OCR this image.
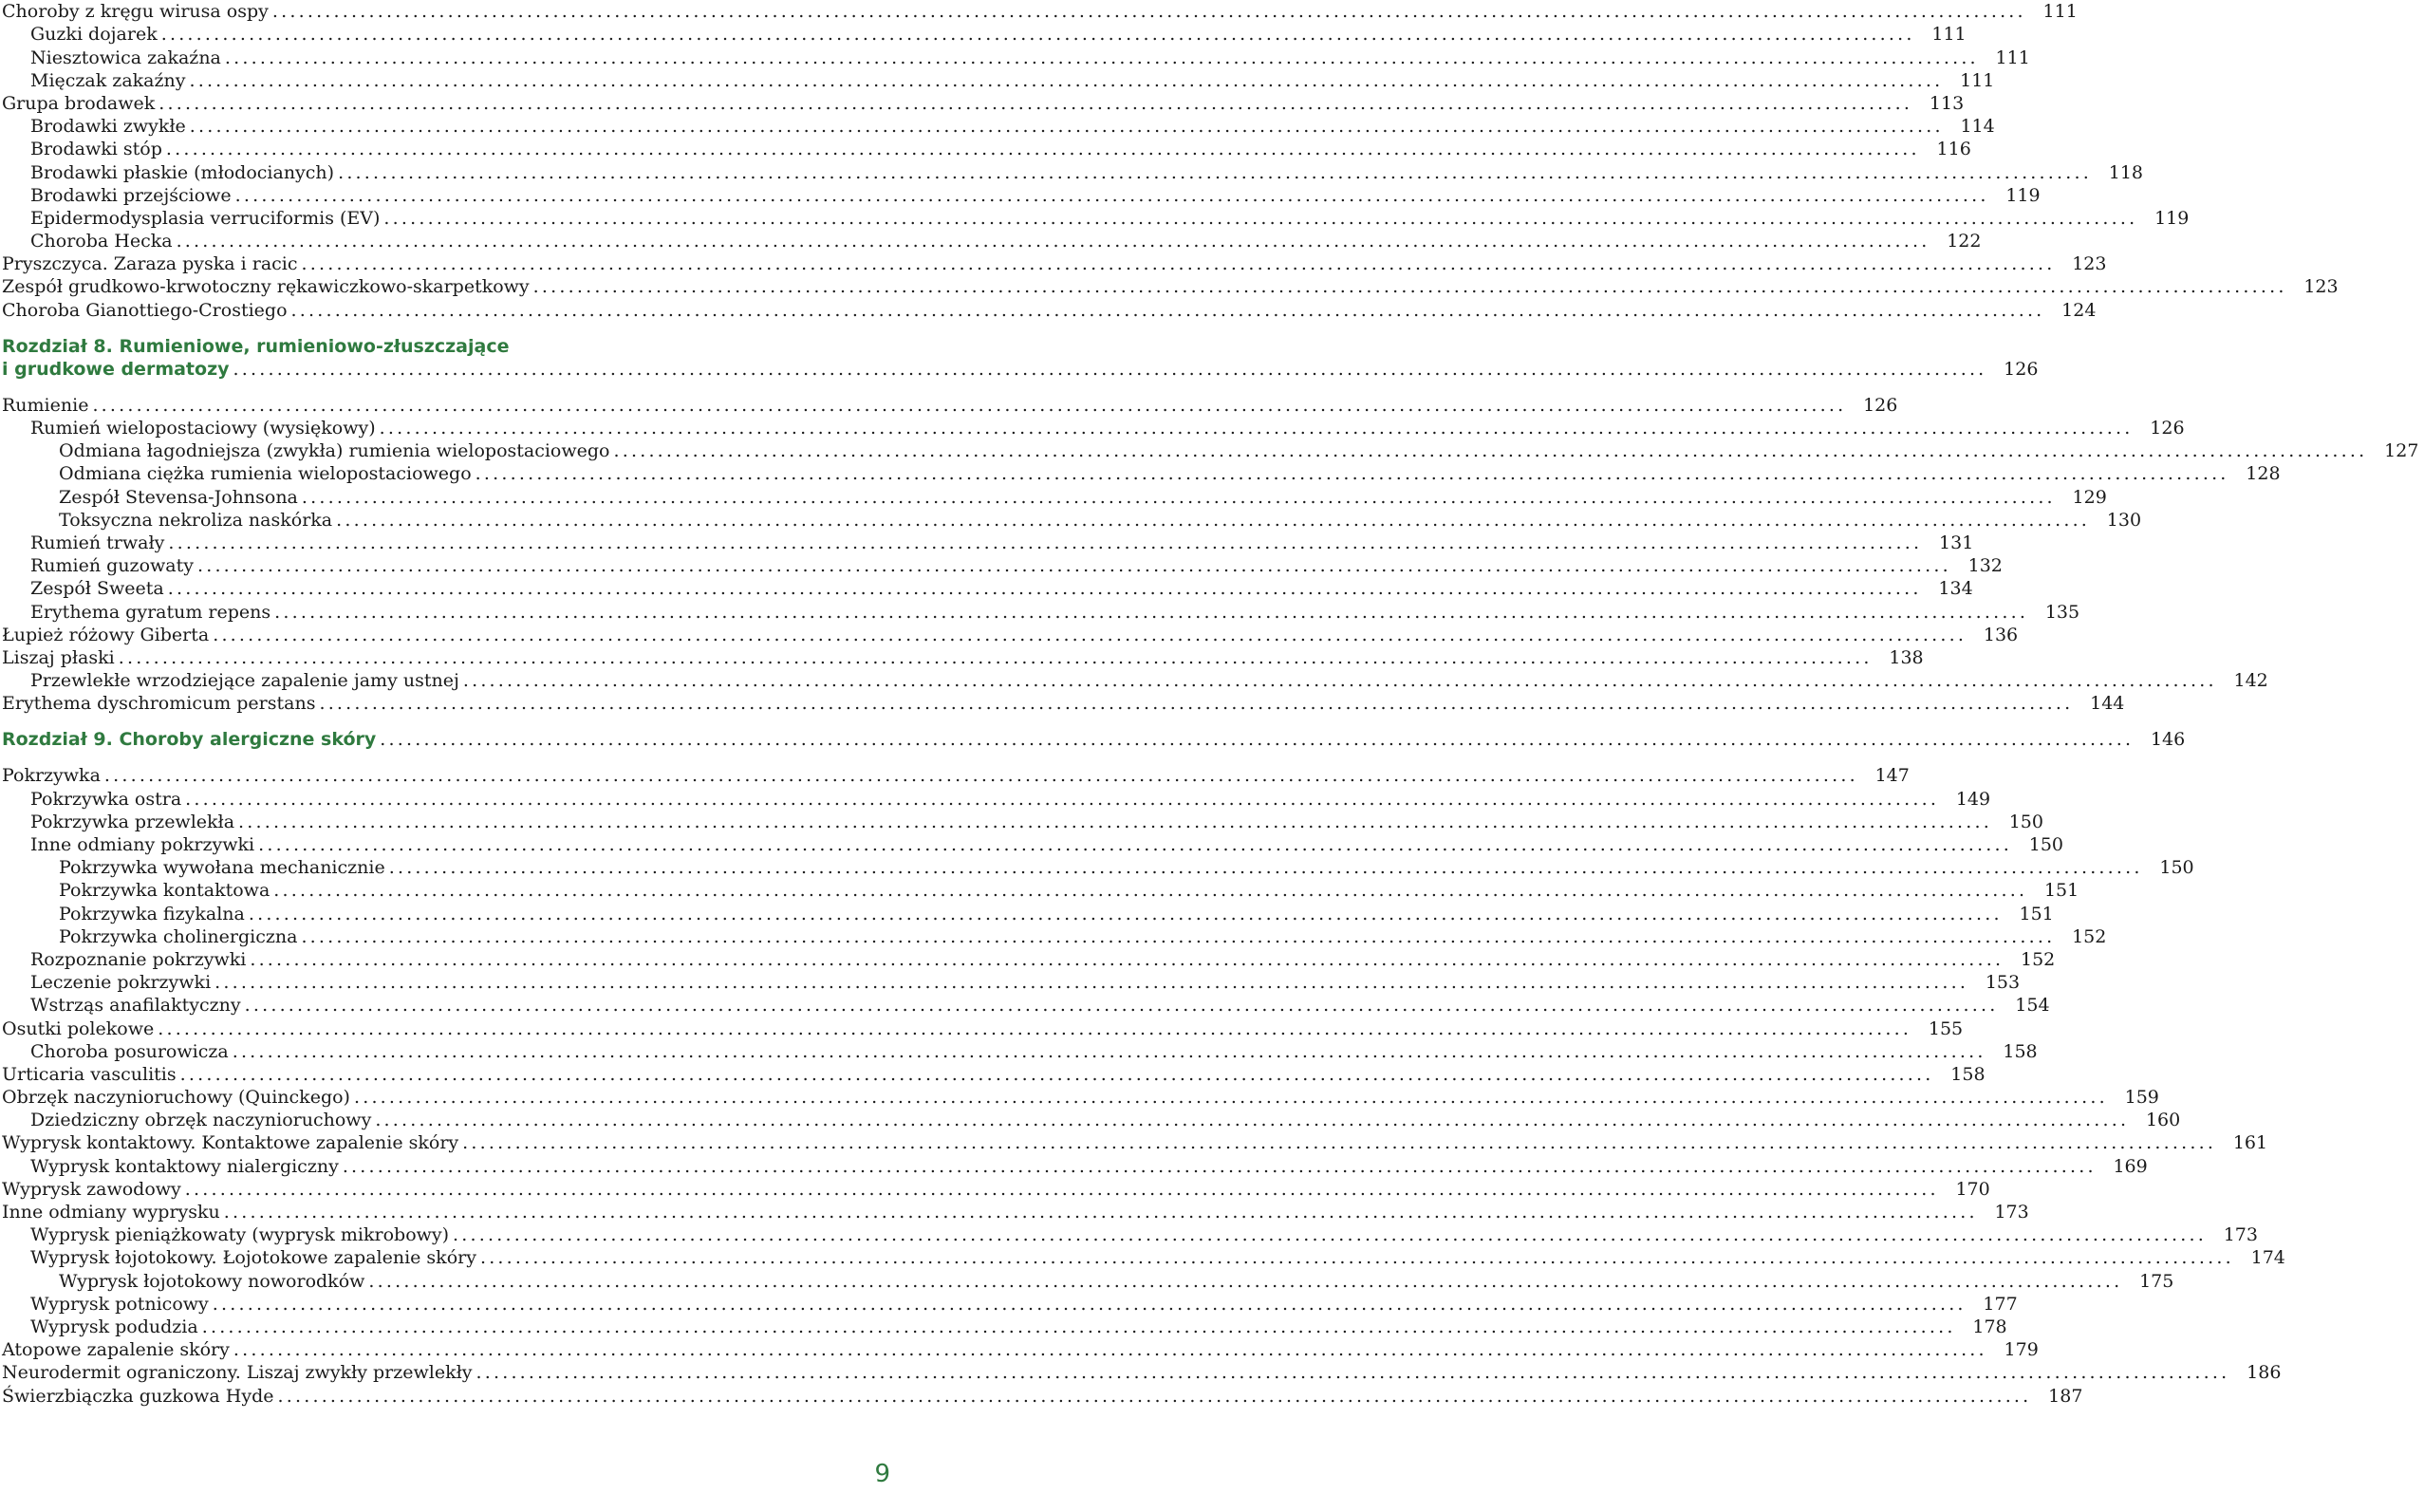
Choroby z kręgu wirusa ospy ........................................................................................................................................................................................................ 111
Guzki dojarek ........................................................................................................................................................................................................ 111
Niesztowica zakaźna ........................................................................................................................................................................................................ 111
Mięczak zakaźny ........................................................................................................................................................................................................ 111
Grupa brodawek ........................................................................................................................................................................................................ 113
Brodawki zwykłe ........................................................................................................................................................................................................ 114
Brodawki stóp ........................................................................................................................................................................................................ 116
Brodawki płaskie (młodocianych) ........................................................................................................................................................................................................ 118
Brodawki przejściowe ........................................................................................................................................................................................................ 119
Epidermodysplasia verruciformis (EV) ........................................................................................................................................................................................................ 119
Choroba Hecka ........................................................................................................................................................................................................ 122
Pryszczyca. Zaraza pyska i racic ........................................................................................................................................................................................................ 123
Zespół grudkowo-krwotoczny rękawiczkowo-skarpetkowy ........................................................................................................................................................................................................ 123
Choroba Gianottiego-Crostiego ........................................................................................................................................................................................................ 124
Rozdział 8. Rumieniowe, rumieniowo-złuszczające
i grudkowe dermatozy ........................................................................................................................................................................................................ 126
Rumienie ........................................................................................................................................................................................................ 126
Rumień wielopostaciowy (wysiękowy) ........................................................................................................................................................................................................ 126
Odmiana łagodniejsza (zwykła) rumienia wielopostaciowego ........................................................................................................................................................................................................ 127
Odmiana ciężka rumienia wielopostaciowego ........................................................................................................................................................................................................ 128
Zespół Stevensa-Johnsona ........................................................................................................................................................................................................ 129
Toksyczna nekroliza naskórka ........................................................................................................................................................................................................ 130
Rumień trwały ........................................................................................................................................................................................................ 131
Rumień guzowaty ........................................................................................................................................................................................................ 132
Zespół Sweeta ........................................................................................................................................................................................................ 134
Erythema gyratum repens ........................................................................................................................................................................................................ 135
Łupież różowy Giberta ........................................................................................................................................................................................................ 136
Liszaj płaski ........................................................................................................................................................................................................ 138
Przewlekłe wrzodziejące zapalenie jamy ustnej ........................................................................................................................................................................................................ 142
Erythema dyschromicum perstans ........................................................................................................................................................................................................ 144
Rozdział 9. Choroby alergiczne skóry ........................................................................................................................................................................................................ 146
Pokrzywka ........................................................................................................................................................................................................ 147
Pokrzywka ostra ........................................................................................................................................................................................................ 149
Pokrzywka przewlekła ........................................................................................................................................................................................................ 150
Inne odmiany pokrzywki ........................................................................................................................................................................................................ 150
Pokrzywka wywołana mechanicznie ........................................................................................................................................................................................................ 150
Pokrzywka kontaktowa ........................................................................................................................................................................................................ 151
Pokrzywka fizykalna ........................................................................................................................................................................................................ 151
Pokrzywka cholinergiczna ........................................................................................................................................................................................................ 152
Rozpoznanie pokrzywki ........................................................................................................................................................................................................ 152
Leczenie pokrzywki ........................................................................................................................................................................................................ 153
Wstrząs anafilaktyczny ........................................................................................................................................................................................................ 154
Osutki polekowe ........................................................................................................................................................................................................ 155
Choroba posurowicza ........................................................................................................................................................................................................ 158
Urticaria vasculitis ........................................................................................................................................................................................................ 158
Obrzęk naczynioruchowy (Quinckego) ........................................................................................................................................................................................................ 159
Dziedziczny obrzęk naczynioruchowy ........................................................................................................................................................................................................ 160
Wyprysk kontaktowy. Kontaktowe zapalenie skóry ........................................................................................................................................................................................................ 161
Wyprysk kontaktowy nialergiczny ........................................................................................................................................................................................................ 169
Wyprysk zawodowy ........................................................................................................................................................................................................ 170
Inne odmiany wyprysku ........................................................................................................................................................................................................ 173
Wyprysk pieniążkowaty (wyprysk mikrobowy) ........................................................................................................................................................................................................ 173
Wyprysk łojotokowy. Łojotokowe zapalenie skóry ........................................................................................................................................................................................................ 174
Wyprysk łojotokowy noworodków ........................................................................................................................................................................................................ 175
Wyprysk potnicowy ........................................................................................................................................................................................................ 177
Wyprysk podudzia ........................................................................................................................................................................................................ 178
Atopowe zapalenie skóry ........................................................................................................................................................................................................ 179
Neurodermit ograniczony. Liszaj zwykły przewlekły ........................................................................................................................................................................................................ 186
Świerzbiączka guzkowa Hyde ........................................................................................................................................................................................................ 187
9
